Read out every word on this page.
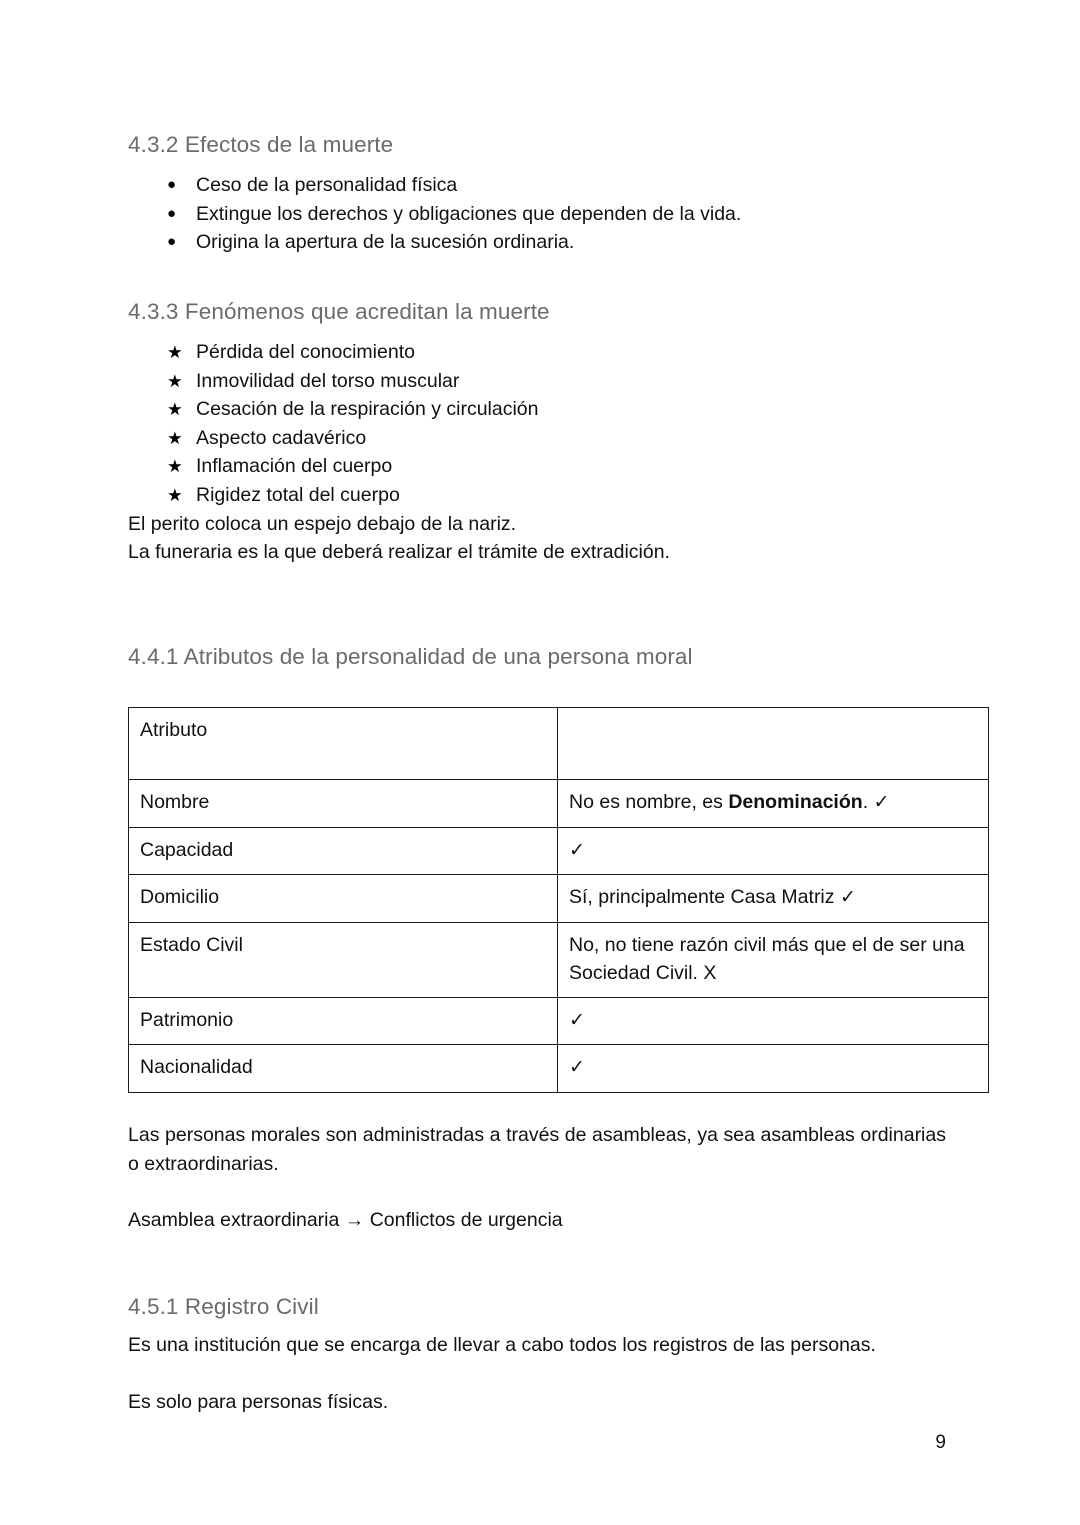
4.3.2 Efectos de la muerte
●	Ceso de la personalidad física
●	Extingue los derechos y obligaciones que dependen de la vida.
●	Origina la apertura de la sucesión ordinaria.
4.3.3 Fenómenos que acreditan la muerte
★ Pérdida del conocimiento
★ Inmovilidad del torso muscular
★ Cesación de la respiración y circulación
★ Aspecto cadavérico
★ Inflamación del cuerpo
★ Rigidez total del cuerpo

El perito coloca un espejo debajo de la nariz.

La funeraria es la que deberá realizar el trámite de extradición.

4.4.1 Atributos de la personalidad de una persona moral
Atributo	
Nombre	No es nombre, es Denominación. ✓
Capacidad	✓
Domicilio	Sí, principalmente Casa Matriz ✓
Estado Civil	No, no tiene razón civil más que el de ser una Sociedad Civil. X
Patrimonio	✓
Nacionalidad	✓

Las personas morales son administradas a través de asambleas, ya sea asambleas ordinarias o extraordinarias.

Asamblea extraordinaria → Conflictos de urgencia

4.5.1 Registro Civil

Es una institución que se encarga de llevar a cabo todos los registros de las personas.

Es solo para personas físicas.

9
